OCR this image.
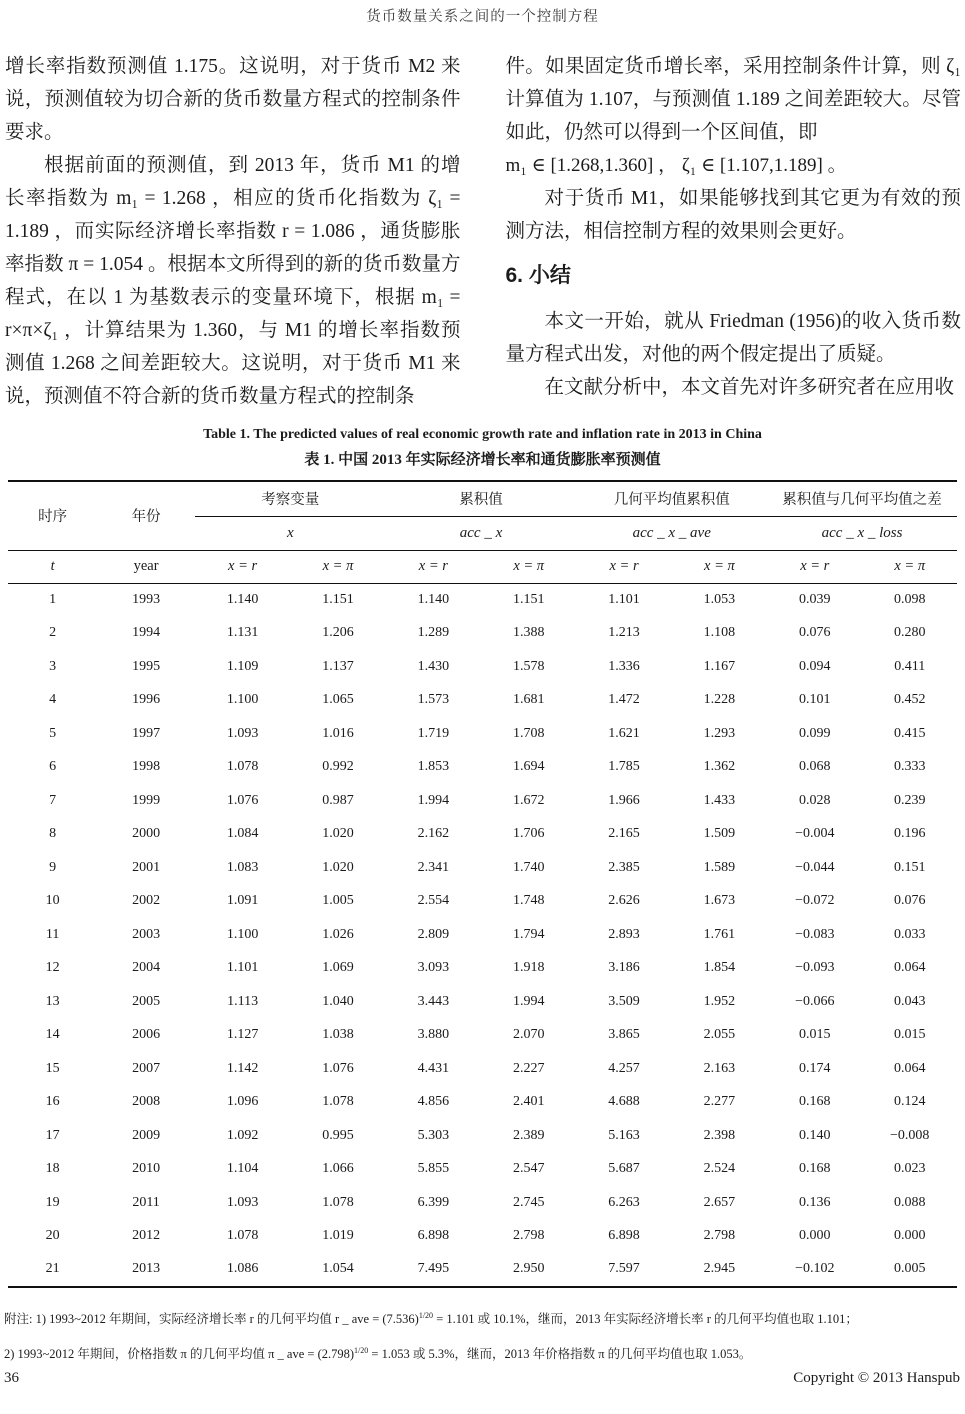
货币数量关系之间的一个控制方程

增长率指数预测值 1.175。这说明，对于货币 M2 来说，预测值较为切合新的货币数量方程式的控制条件要求。

根据前面的预测值，到 2013 年，货币 M1 的增长率指数为 m₁ = 1.268 ，相应的货币化指数为 ζ₁ = 1.189 ，而实际经济增长率指数 r = 1.086 ，通货膨胀率指数 π = 1.054 。根据本文所得到的新的货币数量方程式，在以 1 为基数表示的变量环境下，根据 m₁ = r×π×ζ₁ ，计算结果为 1.360，与 M1 的增长率指数预测值 1.268 之间差距较大。这说明，对于货币 M1 来说，预测值不符合新的货币数量方程式的控制条

件。如果固定货币增长率，采用控制条件计算，则 ζ₁ 计算值为 1.107，与预测值 1.189 之间差距较大。尽管如此，仍然可以得到一个区间值，即

m₁ ∈ [1.268,1.360] ， ζ₁ ∈ [1.107,1.189] 。

对于货币 M1，如果能够找到其它更为有效的预测方法，相信控制方程的效果则会更好。

6. 小结

本文一开始，就从 Friedman (1956)的收入货币数量方程式出发，对他的两个假定提出了质疑。

在文献分析中，本文首先对许多研究者在应用收

Table 1. The predicted values of real economic growth rate and inflation rate in 2013 in China
表 1. 中国 2013 年实际经济增长率和通货膨胀率预测值
时序	年份	考察变量		累积值		几何平均值累积值		累积值与几何平均值之差	
		x		acc _ x		acc _ x _ ave		acc _ x _ loss	
t	year	x = r	x = π	x = r	x = π	x = r	x = π	x = r	x = π
1	1993	1.140	1.151	1.140	1.151	1.101	1.053	0.039	0.098
2	1994	1.131	1.206	1.289	1.388	1.213	1.108	0.076	0.280
3	1995	1.109	1.137	1.430	1.578	1.336	1.167	0.094	0.411
4	1996	1.100	1.065	1.573	1.681	1.472	1.228	0.101	0.452
5	1997	1.093	1.016	1.719	1.708	1.621	1.293	0.099	0.415
6	1998	1.078	0.992	1.853	1.694	1.785	1.362	0.068	0.333
7	1999	1.076	0.987	1.994	1.672	1.966	1.433	0.028	0.239
8	2000	1.084	1.020	2.162	1.706	2.165	1.509	−0.004	0.196
9	2001	1.083	1.020	2.341	1.740	2.385	1.589	−0.044	0.151
10	2002	1.091	1.005	2.554	1.748	2.626	1.673	−0.072	0.076
11	2003	1.100	1.026	2.809	1.794	2.893	1.761	−0.083	0.033
12	2004	1.101	1.069	3.093	1.918	3.186	1.854	−0.093	0.064
13	2005	1.113	1.040	3.443	1.994	3.509	1.952	−0.066	0.043
14	2006	1.127	1.038	3.880	2.070	3.865	2.055	0.015	0.015
15	2007	1.142	1.076	4.431	2.227	4.257	2.163	0.174	0.064
16	2008	1.096	1.078	4.856	2.401	4.688	2.277	0.168	0.124
17	2009	1.092	0.995	5.303	2.389	5.163	2.398	0.140	−0.008
18	2010	1.104	1.066	5.855	2.547	5.687	2.524	0.168	0.023
19	2011	1.093	1.078	6.399	2.745	6.263	2.657	0.136	0.088
20	2012	1.078	1.019	6.898	2.798	6.898	2.798	0.000	0.000
21	2013	1.086	1.054	7.495	2.950	7.597	2.945	−0.102	0.005

附注: 1) 1993~2012 年期间，实际经济增长率 r 的几何平均值 r _ ave = $(7.536)^{1/20} = 1.101$ 或 10.1%，继而，2013 年实际经济增长率 r 的几何平均值也取 1.101；

2) 1993~2012 年期间，价格指数 π 的几何平均值 π _ ave = $(2.798)^{1/20} = 1.053$ 或 5.3%，继而，2013 年价格指数 π 的几何平均值也取 1.053。

36	Copyright © 2013 Hanspub
